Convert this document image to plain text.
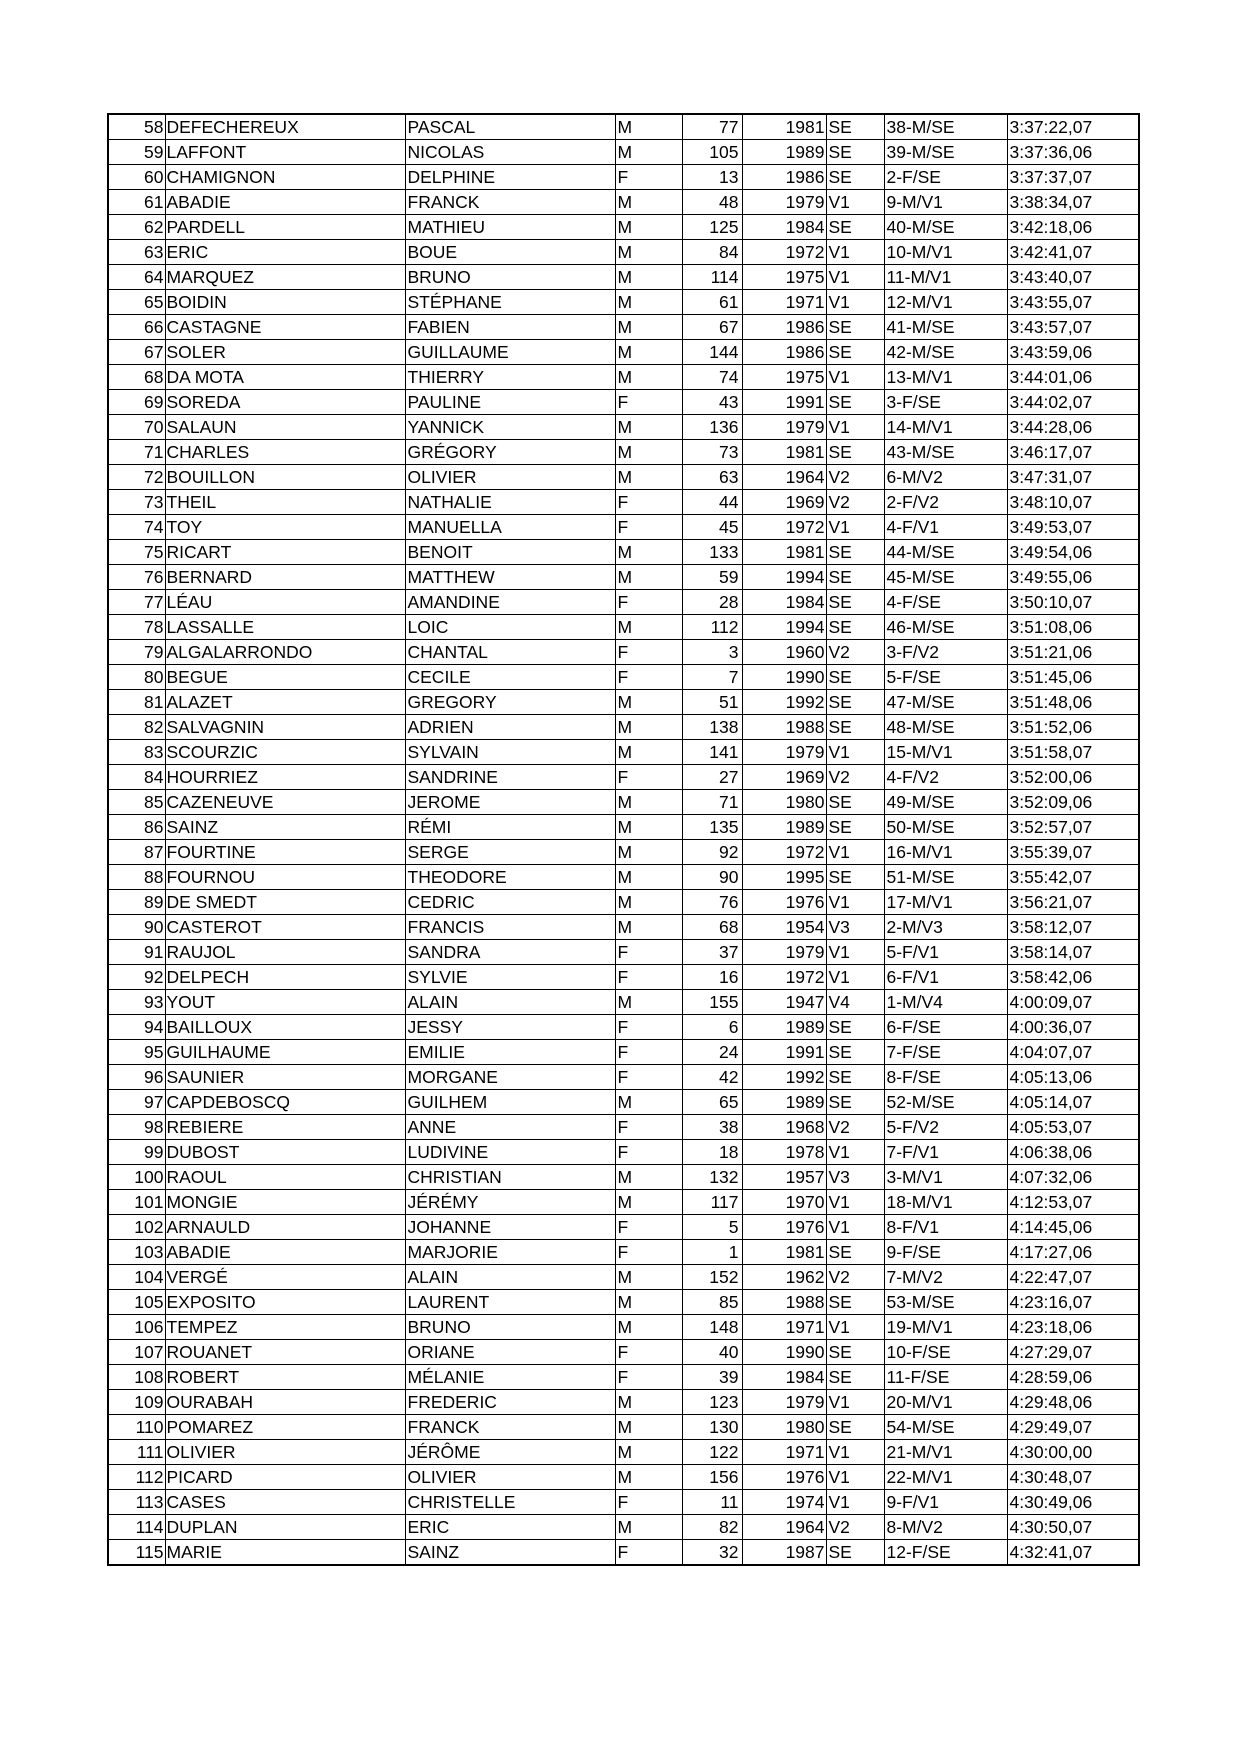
58	DEFECHEREUX	PASCAL	M	77	1981	SE	38-M/SE	3:37:22,07
59	LAFFONT	NICOLAS	M	105	1989	SE	39-M/SE	3:37:36,06
60	CHAMIGNON	DELPHINE	F	13	1986	SE	2-F/SE	3:37:37,07
61	ABADIE	FRANCK	M	48	1979	V1	9-M/V1	3:38:34,07
62	PARDELL	MATHIEU	M	125	1984	SE	40-M/SE	3:42:18,06
63	ERIC	BOUE	M	84	1972	V1	10-M/V1	3:42:41,07
64	MARQUEZ	BRUNO	M	114	1975	V1	11-M/V1	3:43:40,07
65	BOIDIN	STÉPHANE	M	61	1971	V1	12-M/V1	3:43:55,07
66	CASTAGNE	FABIEN	M	67	1986	SE	41-M/SE	3:43:57,07
67	SOLER	GUILLAUME	M	144	1986	SE	42-M/SE	3:43:59,06
68	DA MOTA	THIERRY	M	74	1975	V1	13-M/V1	3:44:01,06
69	SOREDA	PAULINE	F	43	1991	SE	3-F/SE	3:44:02,07
70	SALAUN	YANNICK	M	136	1979	V1	14-M/V1	3:44:28,06
71	CHARLES	GRÉGORY	M	73	1981	SE	43-M/SE	3:46:17,07
72	BOUILLON	OLIVIER	M	63	1964	V2	6-M/V2	3:47:31,07
73	THEIL	NATHALIE	F	44	1969	V2	2-F/V2	3:48:10,07
74	TOY	MANUELLA	F	45	1972	V1	4-F/V1	3:49:53,07
75	RICART	BENOIT	M	133	1981	SE	44-M/SE	3:49:54,06
76	BERNARD	MATTHEW	M	59	1994	SE	45-M/SE	3:49:55,06
77	LÉAU	AMANDINE	F	28	1984	SE	4-F/SE	3:50:10,07
78	LASSALLE	LOIC	M	112	1994	SE	46-M/SE	3:51:08,06
79	ALGALARRONDO	CHANTAL	F	3	1960	V2	3-F/V2	3:51:21,06
80	BEGUE	CECILE	F	7	1990	SE	5-F/SE	3:51:45,06
81	ALAZET	GREGORY	M	51	1992	SE	47-M/SE	3:51:48,06
82	SALVAGNIN	ADRIEN	M	138	1988	SE	48-M/SE	3:51:52,06
83	SCOURZIC	SYLVAIN	M	141	1979	V1	15-M/V1	3:51:58,07
84	HOURRIEZ	SANDRINE	F	27	1969	V2	4-F/V2	3:52:00,06
85	CAZENEUVE	JEROME	M	71	1980	SE	49-M/SE	3:52:09,06
86	SAINZ	RÉMI	M	135	1989	SE	50-M/SE	3:52:57,07
87	FOURTINE	SERGE	M	92	1972	V1	16-M/V1	3:55:39,07
88	FOURNOU	THEODORE	M	90	1995	SE	51-M/SE	3:55:42,07
89	DE SMEDT	CEDRIC	M	76	1976	V1	17-M/V1	3:56:21,07
90	CASTEROT	FRANCIS	M	68	1954	V3	2-M/V3	3:58:12,07
91	RAUJOL	SANDRA	F	37	1979	V1	5-F/V1	3:58:14,07
92	DELPECH	SYLVIE	F	16	1972	V1	6-F/V1	3:58:42,06
93	YOUT	ALAIN	M	155	1947	V4	1-M/V4	4:00:09,07
94	BAILLOUX	JESSY	F	6	1989	SE	6-F/SE	4:00:36,07
95	GUILHAUME	EMILIE	F	24	1991	SE	7-F/SE	4:04:07,07
96	SAUNIER	MORGANE	F	42	1992	SE	8-F/SE	4:05:13,06
97	CAPDEBOSCQ	GUILHEM	M	65	1989	SE	52-M/SE	4:05:14,07
98	REBIERE	ANNE	F	38	1968	V2	5-F/V2	4:05:53,07
99	DUBOST	LUDIVINE	F	18	1978	V1	7-F/V1	4:06:38,06
100	RAOUL	CHRISTIAN	M	132	1957	V3	3-M/V1	4:07:32,06
101	MONGIE	JÉRÉMY	M	117	1970	V1	18-M/V1	4:12:53,07
102	ARNAULD	JOHANNE	F	5	1976	V1	8-F/V1	4:14:45,06
103	ABADIE	MARJORIE	F	1	1981	SE	9-F/SE	4:17:27,06
104	VERGÉ	ALAIN	M	152	1962	V2	7-M/V2	4:22:47,07
105	EXPOSITO	LAURENT	M	85	1988	SE	53-M/SE	4:23:16,07
106	TEMPEZ	BRUNO	M	148	1971	V1	19-M/V1	4:23:18,06
107	ROUANET	ORIANE	F	40	1990	SE	10-F/SE	4:27:29,07
108	ROBERT	MÉLANIE	F	39	1984	SE	11-F/SE	4:28:59,06
109	OURABAH	FREDERIC	M	123	1979	V1	20-M/V1	4:29:48,06
110	POMAREZ	FRANCK	M	130	1980	SE	54-M/SE	4:29:49,07
111	OLIVIER	JÉRÔME	M	122	1971	V1	21-M/V1	4:30:00,00
112	PICARD	OLIVIER	M	156	1976	V1	22-M/V1	4:30:48,07
113	CASES	CHRISTELLE	F	11	1974	V1	9-F/V1	4:30:49,06
114	DUPLAN	ERIC	M	82	1964	V2	8-M/V2	4:30:50,07
115	MARIE	SAINZ	F	32	1987	SE	12-F/SE	4:32:41,07
